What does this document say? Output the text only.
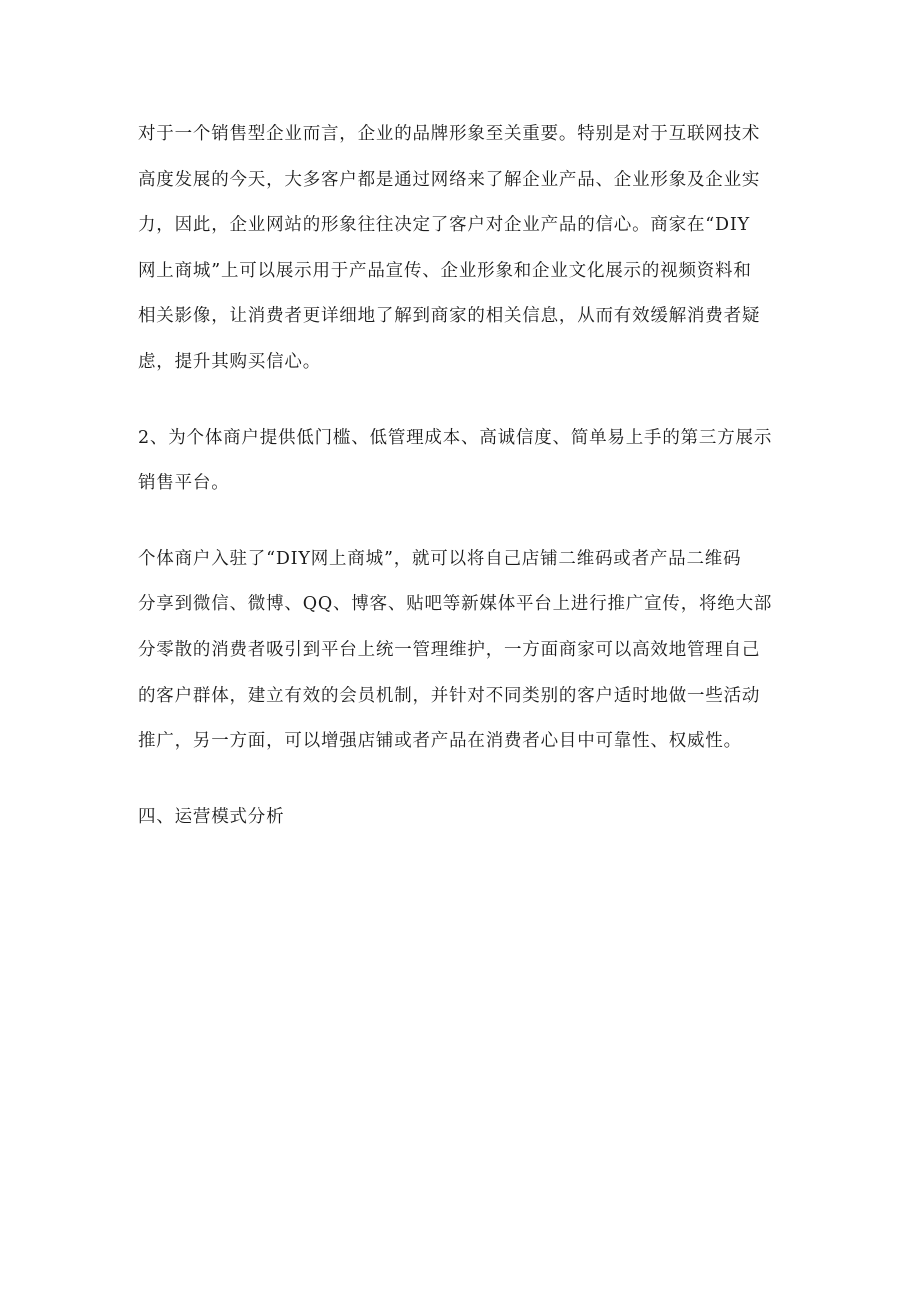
对于一个销售型企业而言，企业的品牌形象至关重要。特别是对于互联网技术
高度发展的今天，大多客户都是通过网络来了解企业产品、企业形象及企业实
力，因此，企业网站的形象往往决定了客户对企业产品的信心。商家在“DIY
网上商城”上可以展示用于产品宣传、企业形象和企业文化展示的视频资料和
相关影像，让消费者更详细地了解到商家的相关信息，从而有效缓解消费者疑
虑，提升其购买信心。

2、为个体商户提供低门槛、低管理成本、高诚信度、简单易上手的第三方展示
销售平台。

个体商户入驻了“DIY网上商城”，就可以将自己店铺二维码或者产品二维码
分享到微信、微博、QQ、博客、贴吧等新媒体平台上进行推广宣传，将绝大部
分零散的消费者吸引到平台上统一管理维护，一方面商家可以高效地管理自己
的客户群体，建立有效的会员机制，并针对不同类别的客户适时地做一些活动
推广，另一方面，可以增强店铺或者产品在消费者心目中可靠性、权威性。

四、运营模式分析
